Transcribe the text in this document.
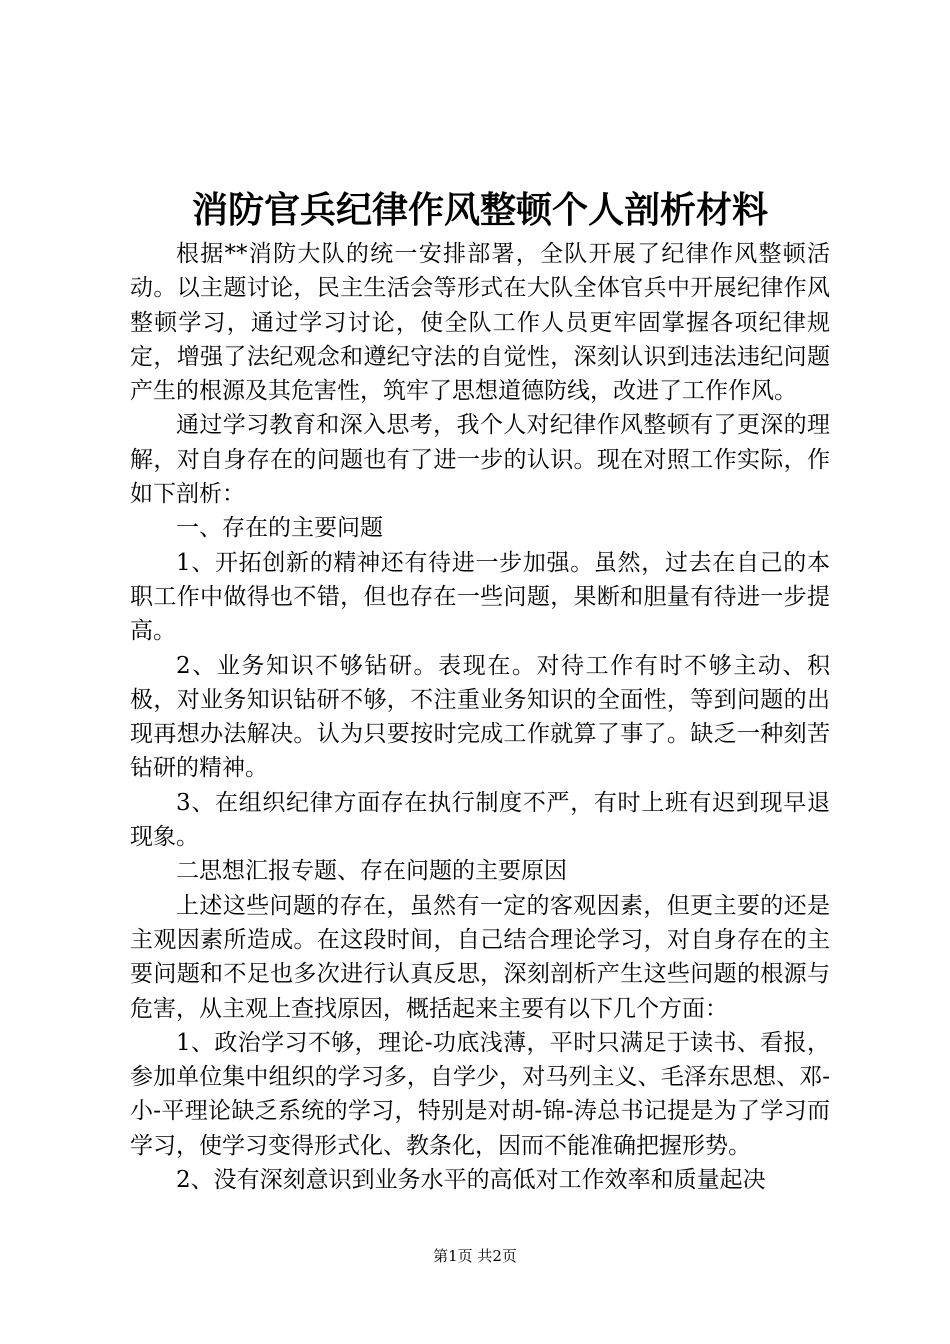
消防官兵纪律作风整顿个人剖析材料

根据**消防大队的统一安排部署，全队开展了纪律作风整顿活动。以主题讨论，民主生活会等形式在大队全体官兵中开展纪律作风整顿学习，通过学习讨论，使全队工作人员更牢固掌握各项纪律规定，增强了法纪观念和遵纪守法的自觉性，深刻认识到违法违纪问题产生的根源及其危害性，筑牢了思想道德防线，改进了工作作风。

通过学习教育和深入思考，我个人对纪律作风整顿有了更深的理解，对自身存在的问题也有了进一步的认识。现在对照工作实际，作如下剖析：

一、存在的主要问题

1、开拓创新的精神还有待进一步加强。虽然，过去在自己的本职工作中做得也不错，但也存在一些问题，果断和胆量有待进一步提高。

2、业务知识不够钻研。表现在。对待工作有时不够主动、积极，对业务知识钻研不够，不注重业务知识的全面性，等到问题的出现再想办法解决。认为只要按时完成工作就算了事了。缺乏一种刻苦钻研的精神。

3、在组织纪律方面存在执行制度不严，有时上班有迟到现早退现象。

二思想汇报专题、存在问题的主要原因

上述这些问题的存在，虽然有一定的客观因素，但更主要的还是主观因素所造成。在这段时间，自己结合理论学习，对自身存在的主要问题和不足也多次进行认真反思，深刻剖析产生这些问题的根源与危害，从主观上查找原因，概括起来主要有以下几个方面：

1、政治学习不够，理论-功底浅薄，平时只满足于读书、看报，参加单位集中组织的学习多，自学少，对马列主义、毛泽东思想、邓-小-平理论缺乏系统的学习，特别是对胡-锦-涛总书记提是为了学习而学习，使学习变得形式化、教条化，因而不能准确把握形势。

2、没有深刻意识到业务水平的高低对工作效率和质量起决

第1页 共2页
